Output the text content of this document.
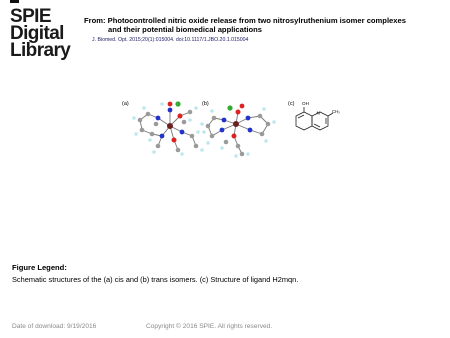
SPIE
Digital
Library

From: Photocontrolled nitric oxide release from two nitrosylruthenium isomer complexes
and their potential biomedical applications

J. Biomed. Opt. 2015;20(1):015004. doi:10.1117/1.JBO.20.1.015004
(a)	(b)	(c) OH
N	CH₃
Figure Legend:
Schematic structures of the (a) cis and (b) trans isomers. (c) Structure of ligand H2mqn.
Date of download: 9/19/2016	Copyright © 2016 SPIE. All rights reserved.
